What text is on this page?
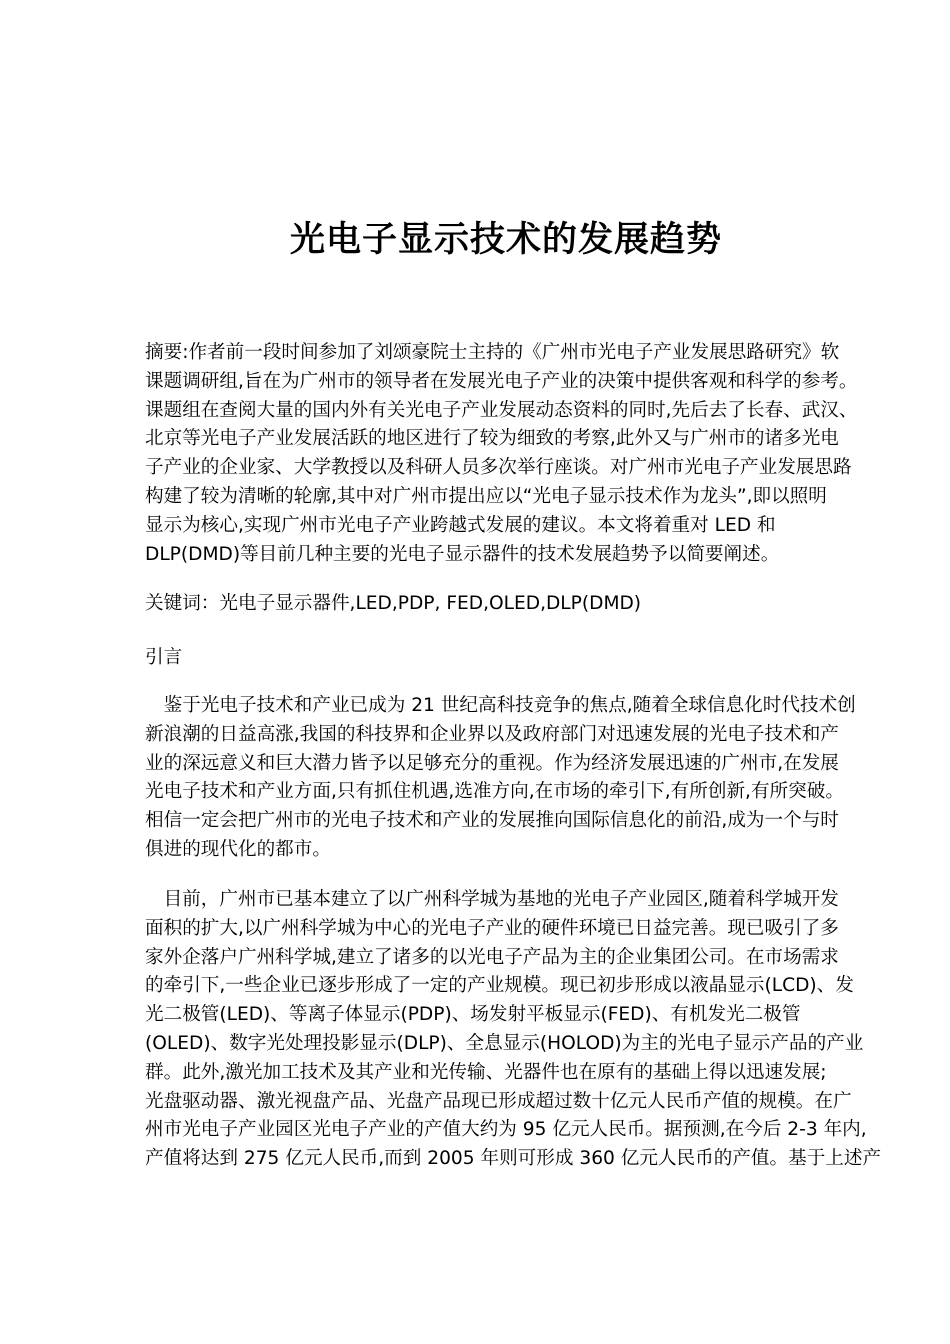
光电子显示技术的发展趋势
摘要:作者前一段时间参加了刘颂豪院士主持的《广州市光电子产业发展思路研究》软
课题调研组,旨在为广州市的领导者在发展光电子产业的决策中提供客观和科学的参考。
课题组在查阅大量的国内外有关光电子产业发展动态资料的同时,先后去了长春、武汉、
北京等光电子产业发展活跃的地区进行了较为细致的考察,此外又与广州市的诸多光电
子产业的企业家、大学教授以及科研人员多次举行座谈。对广州市光电子产业发展思路
构建了较为清晰的轮廓,其中对广州市提出应以“光电子显示技术作为龙头”,即以照明
显示为核心,实现广州市光电子产业跨越式发展的建议。本文将着重对 LED 和
DLP(DMD)等目前几种主要的光电子显示器件的技术发展趋势予以简要阐述。
关键词：光电子显示器件,LED,PDP, FED,OLED,DLP(DMD)
引言
　鉴于光电子技术和产业已成为 21 世纪高科技竞争的焦点,随着全球信息化时代技术创
新浪潮的日益高涨,我国的科技界和企业界以及政府部门对迅速发展的光电子技术和产
业的深远意义和巨大潜力皆予以足够充分的重视。作为经济发展迅速的广州市,在发展
光电子技术和产业方面,只有抓住机遇,选准方向,在市场的牵引下,有所创新,有所突破。
相信一定会把广州市的光电子技术和产业的发展推向国际信息化的前沿,成为一个与时
俱进的现代化的都市。
　目前，广州市已基本建立了以广州科学城为基地的光电子产业园区,随着科学城开发
面积的扩大,以广州科学城为中心的光电子产业的硬件环境已日益完善。现已吸引了多
家外企落户广州科学城,建立了诸多的以光电子产品为主的企业集团公司。在市场需求
的牵引下,一些企业已逐步形成了一定的产业规模。现已初步形成以液晶显示(LCD)、发
光二极管(LED)、等离子体显示(PDP)、场发射平板显示(FED)、有机发光二极管
(OLED)、数字光处理投影显示(DLP)、全息显示(HOLOD)为主的光电子显示产品的产业
群。此外,激光加工技术及其产业和光传输、光器件也在原有的基础上得以迅速发展;
光盘驱动器、激光视盘产品、光盘产品现已形成超过数十亿元人民币产值的规模。在广
州市光电子产业园区光电子产业的产值大约为 95 亿元人民币。据预测,在今后 2-3 年内,
产值将达到 275 亿元人民币,而到 2005 年则可形成 360 亿元人民币的产值。基于上述产
